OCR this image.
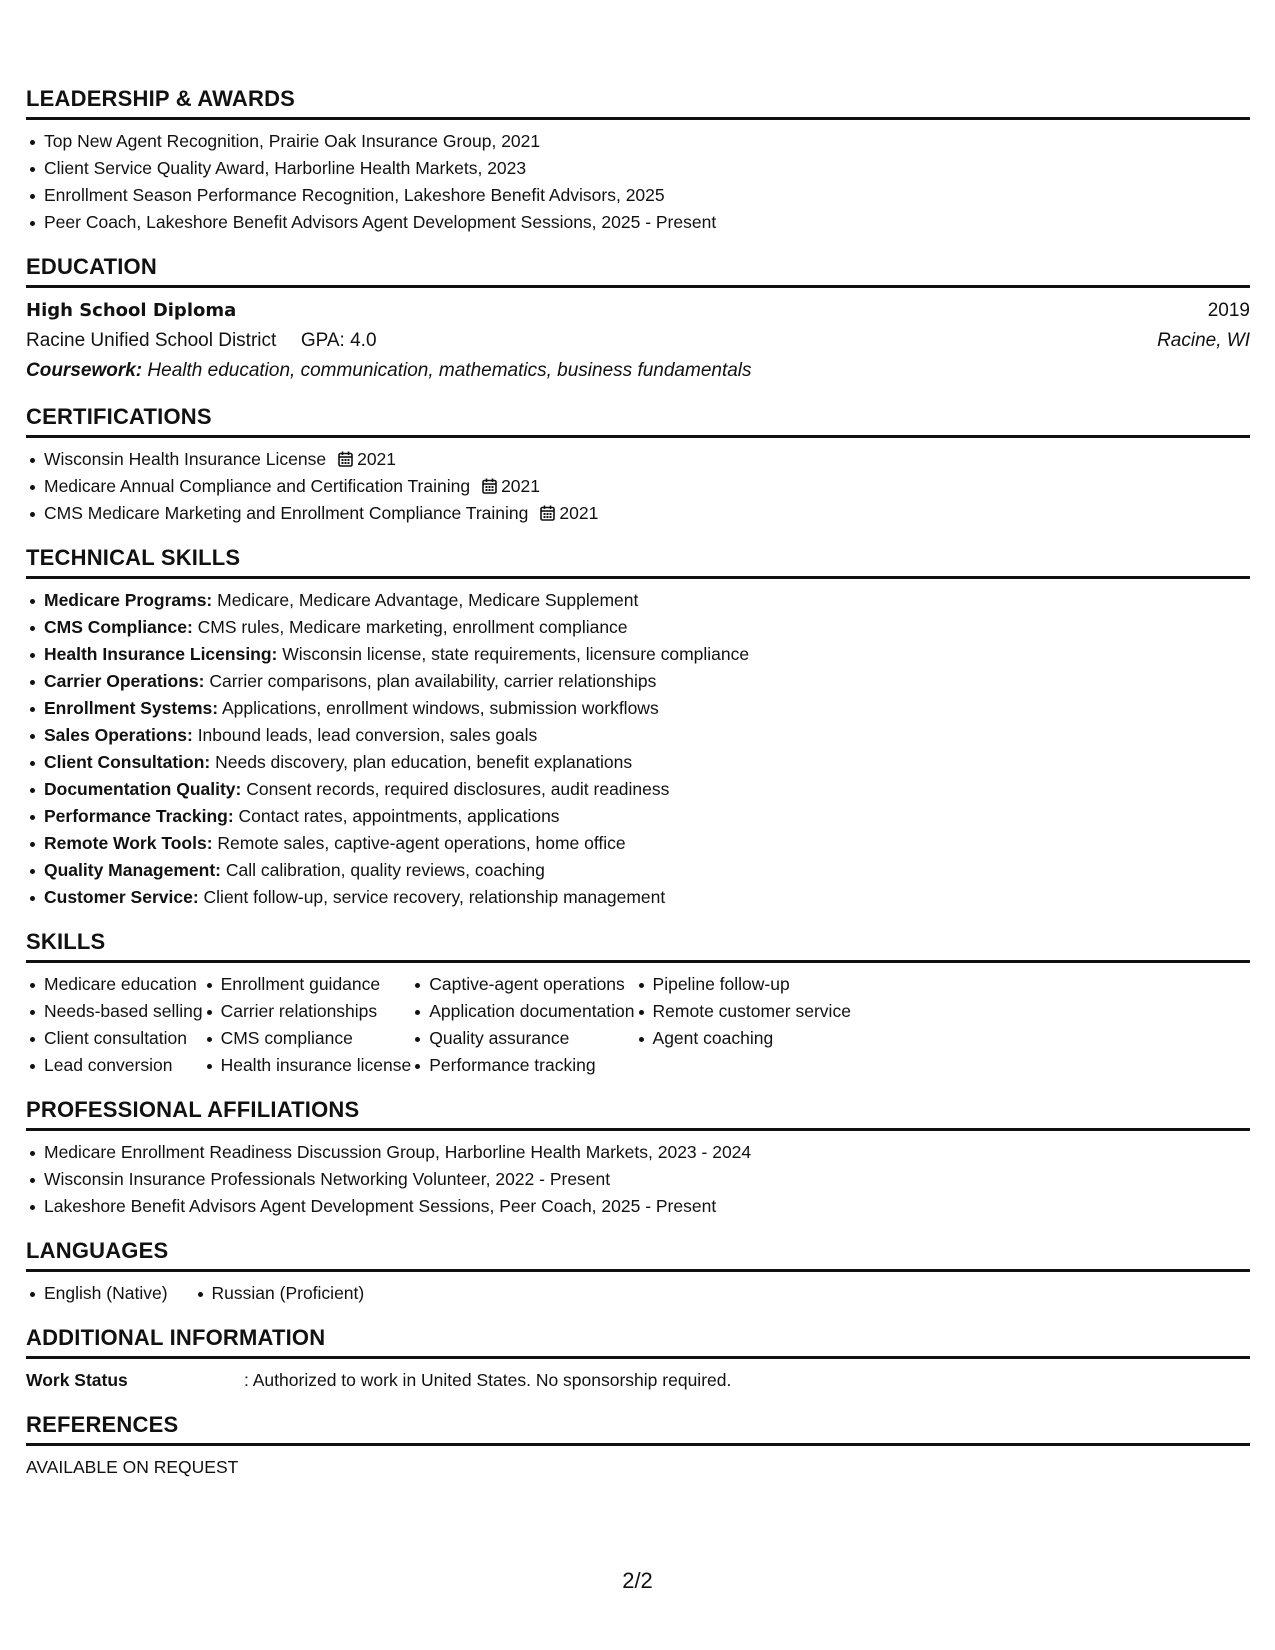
LEADERSHIP & AWARDS
Top New Agent Recognition, Prairie Oak Insurance Group, 2021
Client Service Quality Award, Harborline Health Markets, 2023
Enrollment Season Performance Recognition, Lakeshore Benefit Advisors, 2025
Peer Coach, Lakeshore Benefit Advisors Agent Development Sessions, 2025 - Present
EDUCATION
High School Diploma	2019
Racine Unified School District GPA: 4.0	Racine, WI
Coursework: Health education, communication, mathematics, business fundamentals
CERTIFICATIONS
Wisconsin Health Insurance License 2021
Medicare Annual Compliance and Certification Training 2021
CMS Medicare Marketing and Enrollment Compliance Training 2021
TECHNICAL SKILLS
Medicare Programs: Medicare, Medicare Advantage, Medicare Supplement
CMS Compliance: CMS rules, Medicare marketing, enrollment compliance
Health Insurance Licensing: Wisconsin license, state requirements, licensure compliance
Carrier Operations: Carrier comparisons, plan availability, carrier relationships
Enrollment Systems: Applications, enrollment windows, submission workflows
Sales Operations: Inbound leads, lead conversion, sales goals
Client Consultation: Needs discovery, plan education, benefit explanations
Documentation Quality: Consent records, required disclosures, audit readiness
Performance Tracking: Contact rates, appointments, applications
Remote Work Tools: Remote sales, captive-agent operations, home office
Quality Management: Call calibration, quality reviews, coaching
Customer Service: Client follow-up, service recovery, relationship management
SKILLS
Medicare education
Needs-based selling
Client consultation
Lead conversion
Enrollment guidance
Carrier relationships
CMS compliance
Health insurance license
Captive-agent operations
Application documentation
Quality assurance
Performance tracking
Pipeline follow-up
Remote customer service
Agent coaching
PROFESSIONAL AFFILIATIONS
Medicare Enrollment Readiness Discussion Group, Harborline Health Markets, 2023 - 2024
Wisconsin Insurance Professionals Networking Volunteer, 2022 - Present
Lakeshore Benefit Advisors Agent Development Sessions, Peer Coach, 2025 - Present
LANGUAGES
English (Native)	Russian (Proficient)
ADDITIONAL INFORMATION
Work Status	: Authorized to work in United States. No sponsorship required.
REFERENCES
AVAILABLE ON REQUEST
2/2
